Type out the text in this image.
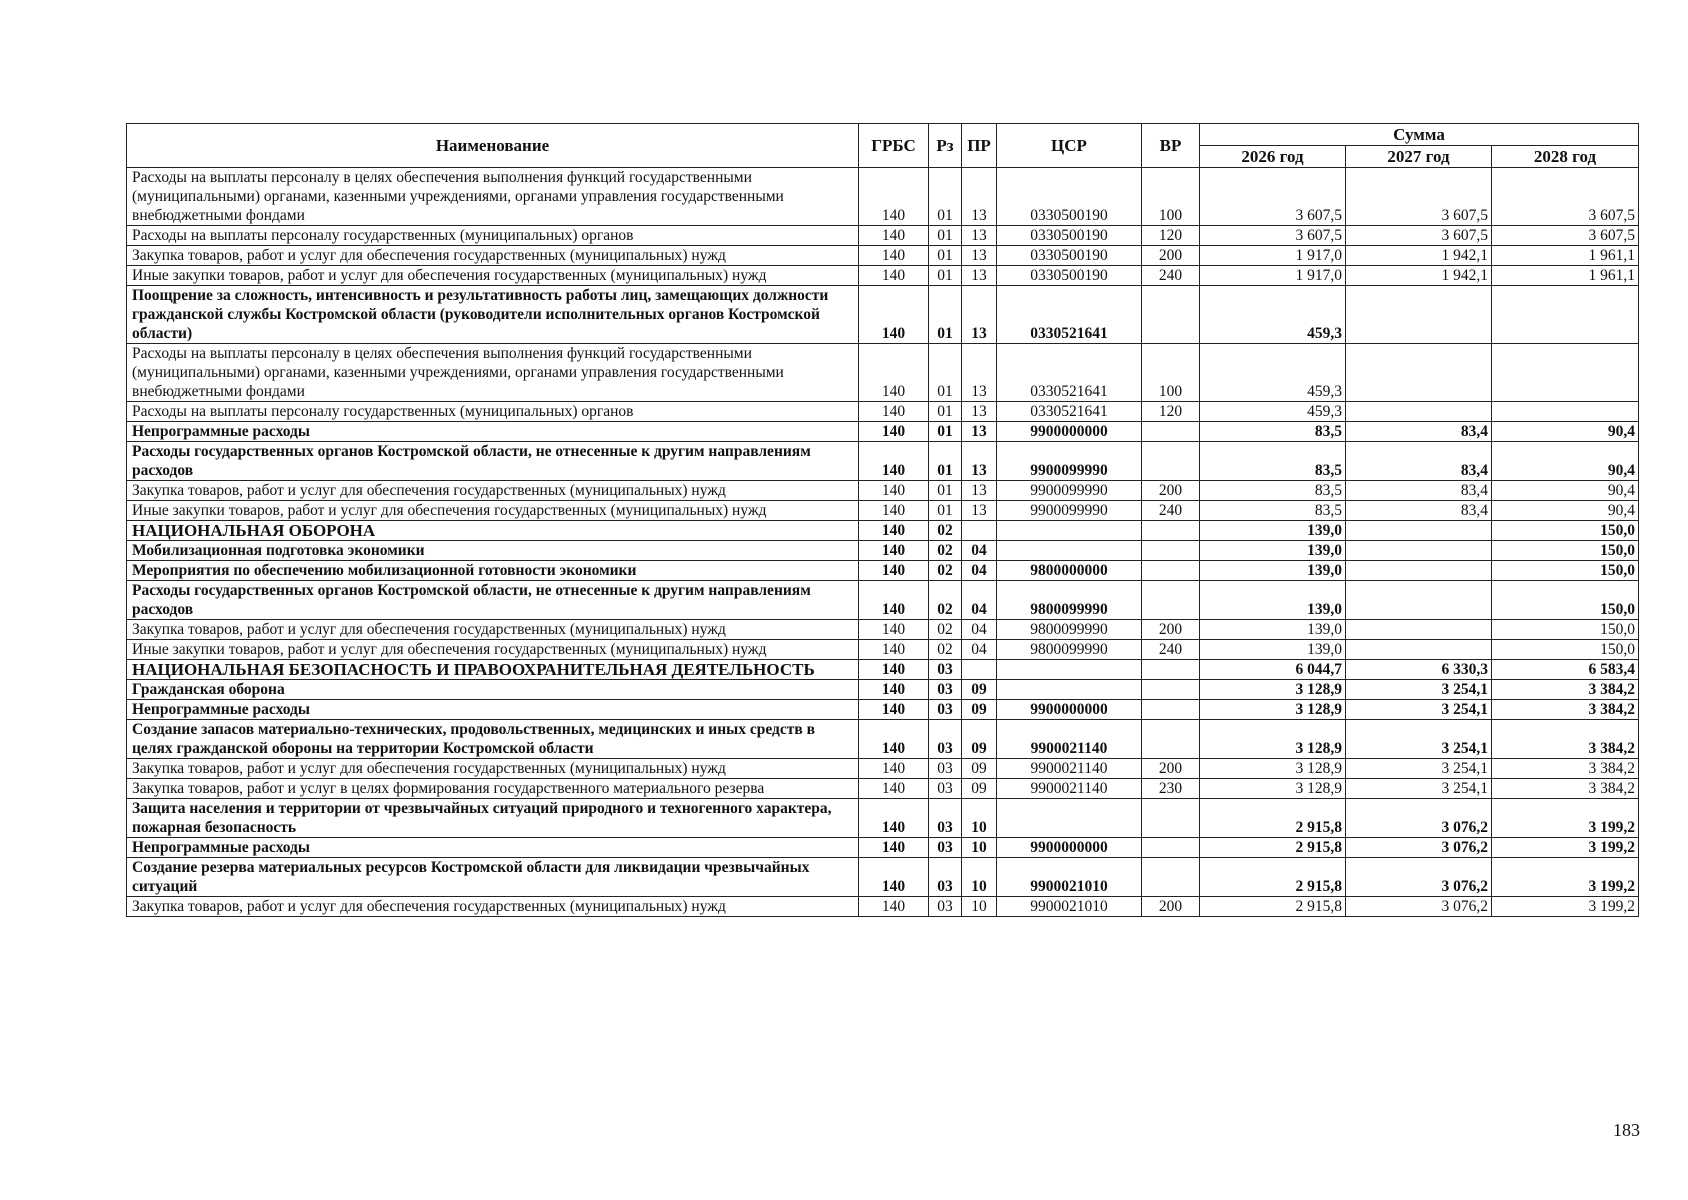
Наименование	ГРБС	Рз	ПР	ЦСР	ВР	Сумма		
						2026 год	2027 год	2028 год
Расходы на выплаты персоналу в целях обеспечения выполнения функций государственными (муниципальными) органами, казенными учреждениями, органами управления государственными внебюджетными фондами	140	01	13	0330500190	100	3 607,5	3 607,5	3 607,5
Расходы на выплаты персоналу государственных (муниципальных) органов	140	01	13	0330500190	120	3 607,5	3 607,5	3 607,5
Закупка товаров, работ и услуг для обеспечения государственных (муниципальных) нужд	140	01	13	0330500190	200	1 917,0	1 942,1	1 961,1
Иные закупки товаров, работ и услуг для обеспечения государственных (муниципальных) нужд	140	01	13	0330500190	240	1 917,0	1 942,1	1 961,1
Поощрение за сложность, интенсивность и результативность работы лиц, замещающих должности гражданской службы Костромской области (руководители исполнительных органов Костромской области)	140	01	13	0330521641		459,3		
Расходы на выплаты персоналу в целях обеспечения выполнения функций государственными (муниципальными) органами, казенными учреждениями, органами управления государственными внебюджетными фондами	140	01	13	0330521641	100	459,3		
Расходы на выплаты персоналу государственных (муниципальных) органов	140	01	13	0330521641	120	459,3		
Непрограммные расходы	140	01	13	9900000000		83,5	83,4	90,4
Расходы государственных органов Костромской области, не отнесенные к другим направлениям расходов	140	01	13	9900099990		83,5	83,4	90,4
Закупка товаров, работ и услуг для обеспечения государственных (муниципальных) нужд	140	01	13	9900099990	200	83,5	83,4	90,4
Иные закупки товаров, работ и услуг для обеспечения государственных (муниципальных) нужд	140	01	13	9900099990	240	83,5	83,4	90,4
НАЦИОНАЛЬНАЯ ОБОРОНА	140	02				139,0		150,0
Мобилизационная подготовка экономики	140	02	04			139,0		150,0
Мероприятия по обеспечению мобилизационной готовности экономики	140	02	04	9800000000		139,0		150,0
Расходы государственных органов Костромской области, не отнесенные к другим направлениям расходов	140	02	04	9800099990		139,0		150,0
Закупка товаров, работ и услуг для обеспечения государственных (муниципальных) нужд	140	02	04	9800099990	200	139,0		150,0
Иные закупки товаров, работ и услуг для обеспечения государственных (муниципальных) нужд	140	02	04	9800099990	240	139,0		150,0
НАЦИОНАЛЬНАЯ БЕЗОПАСНОСТЬ И ПРАВООХРАНИТЕЛЬНАЯ ДЕЯТЕЛЬНОСТЬ	140	03				6 044,7	6 330,3	6 583,4
Гражданская оборона	140	03	09			3 128,9	3 254,1	3 384,2
Непрограммные расходы	140	03	09	9900000000		3 128,9	3 254,1	3 384,2
Создание запасов материально-технических, продовольственных, медицинских и иных средств в целях гражданской обороны на территории Костромской области	140	03	09	9900021140		3 128,9	3 254,1	3 384,2
Закупка товаров, работ и услуг для обеспечения государственных (муниципальных) нужд	140	03	09	9900021140	200	3 128,9	3 254,1	3 384,2
Закупка товаров, работ и услуг в целях формирования государственного материального резерва	140	03	09	9900021140	230	3 128,9	3 254,1	3 384,2
Защита населения и территории от чрезвычайных ситуаций природного и техногенного характера, пожарная безопасность	140	03	10			2 915,8	3 076,2	3 199,2
Непрограммные расходы	140	03	10	9900000000		2 915,8	3 076,2	3 199,2
Создание резерва материальных ресурсов Костромской области для ликвидации чрезвычайных ситуаций	140	03	10	9900021010		2 915,8	3 076,2	3 199,2
Закупка товаров, работ и услуг для обеспечения государственных (муниципальных) нужд	140	03	10	9900021010	200	2 915,8	3 076,2	3 199,2
183
